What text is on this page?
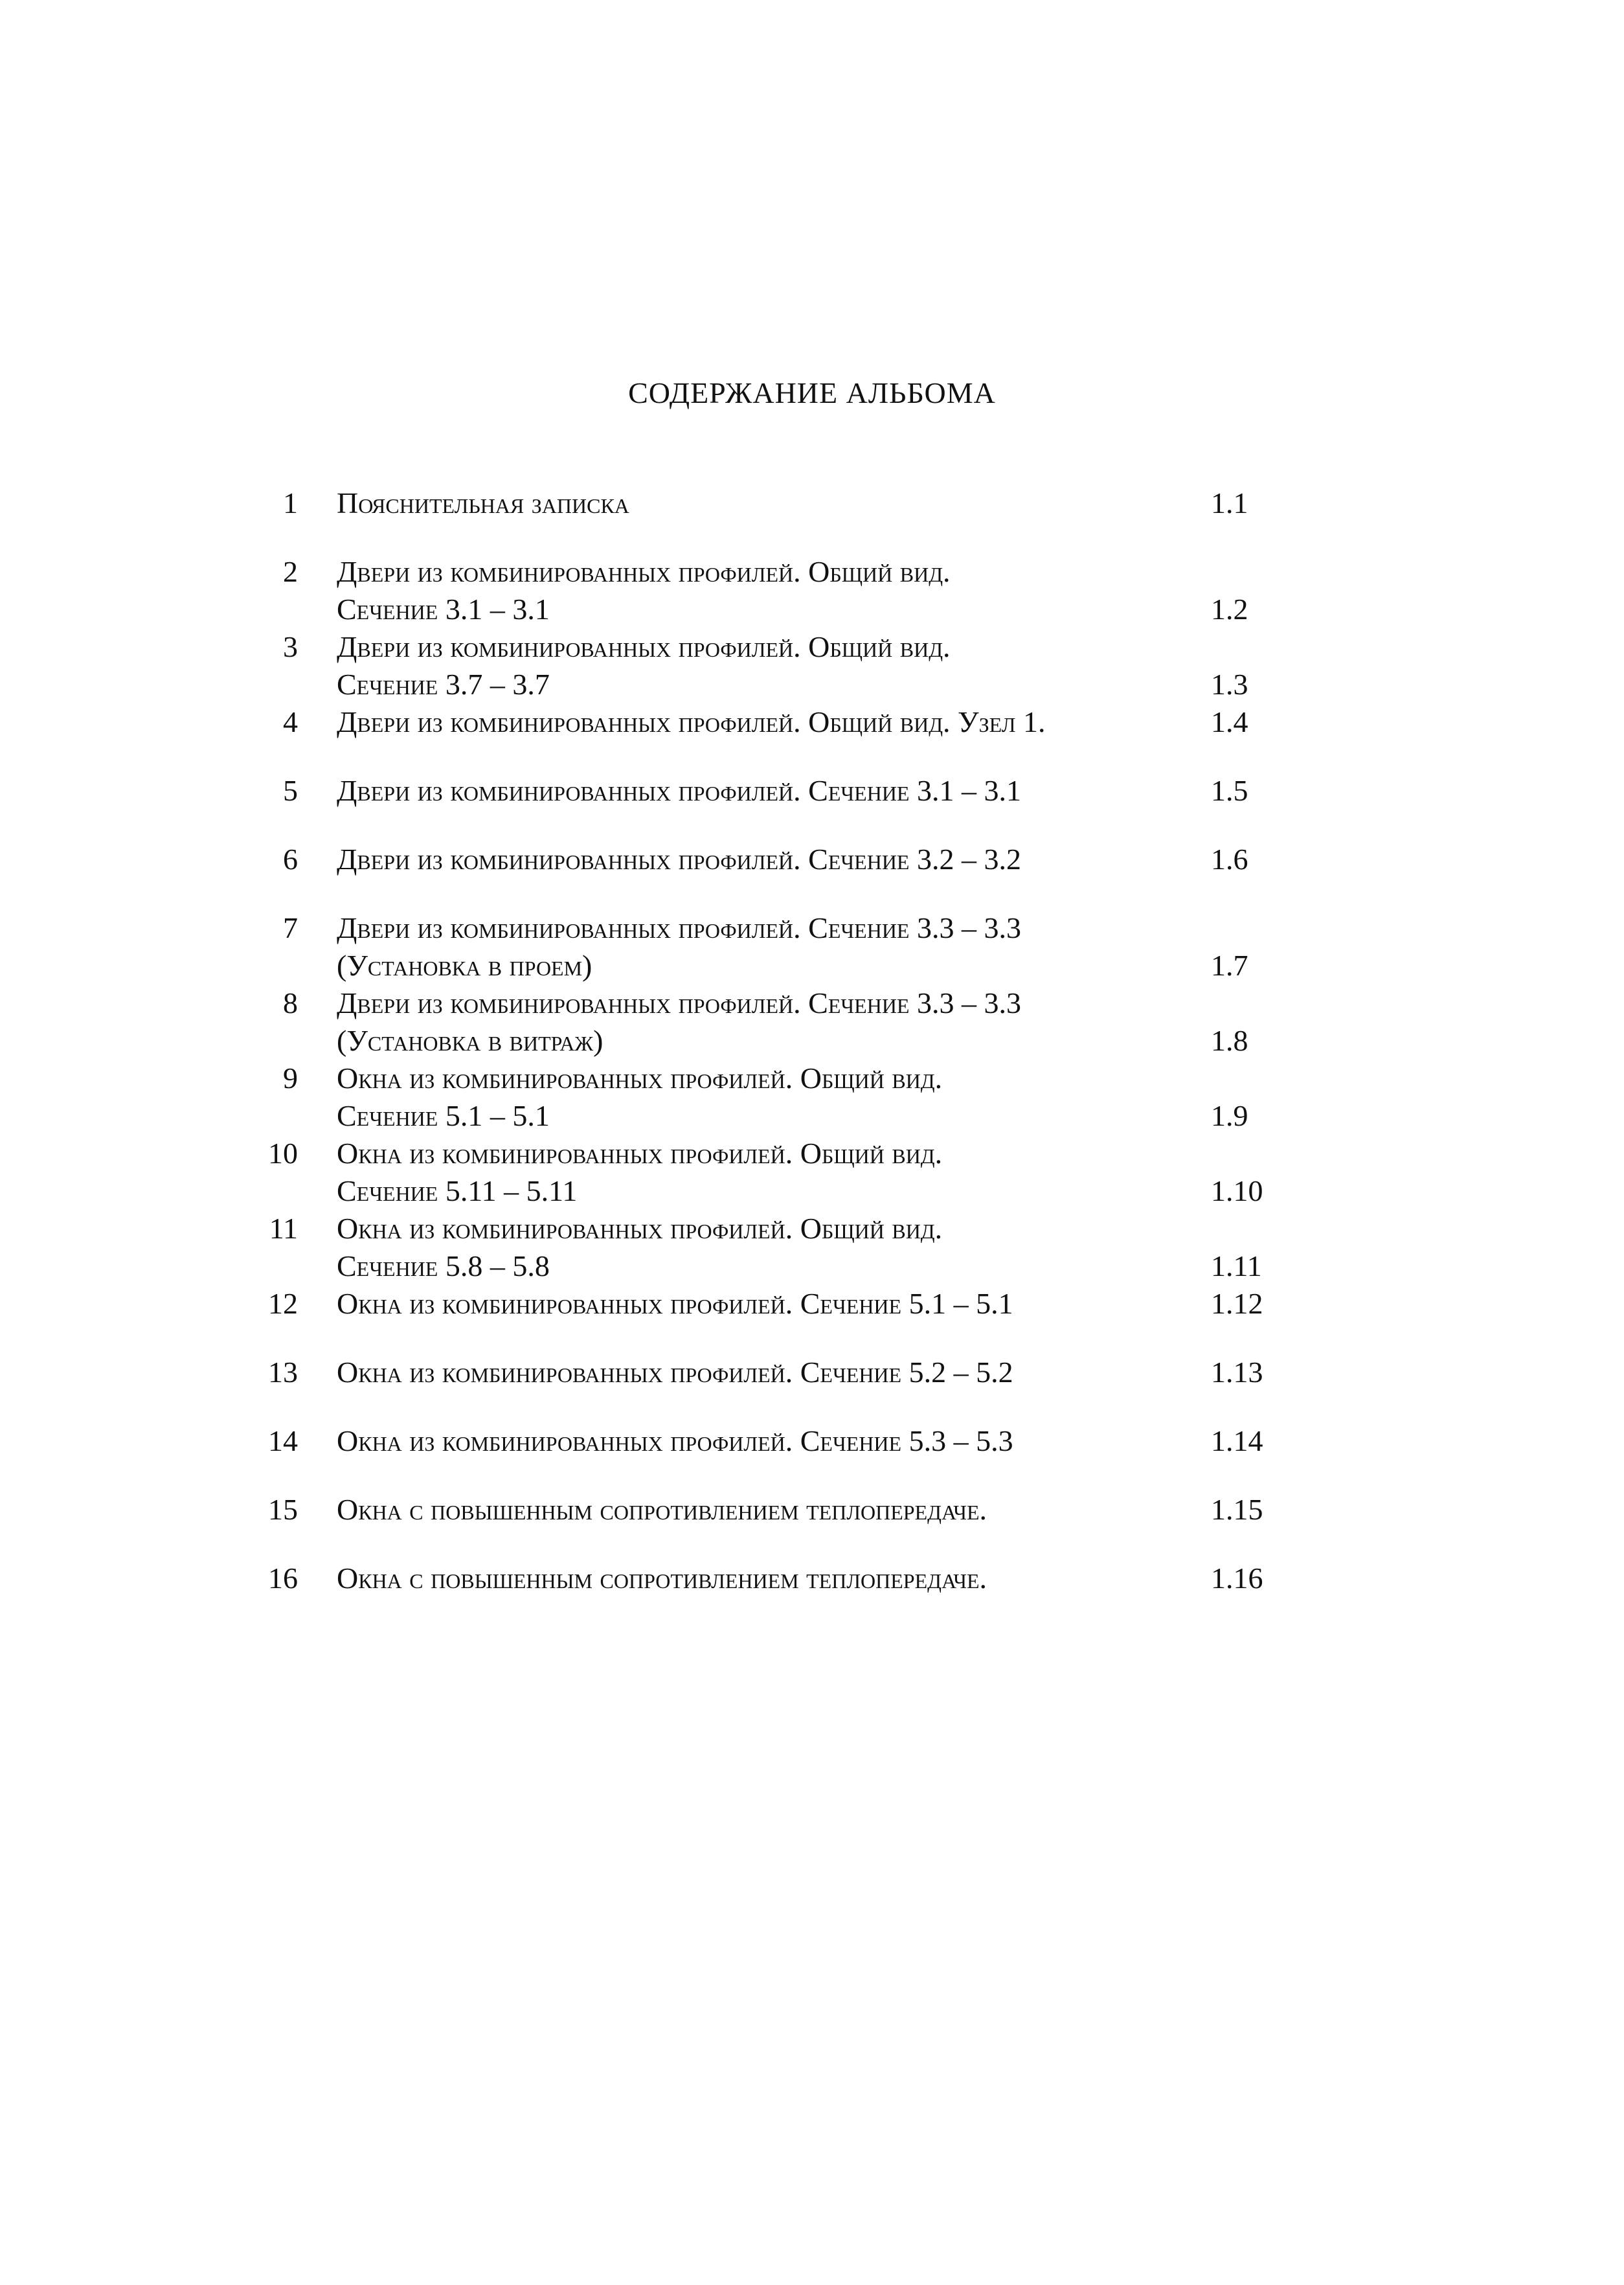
СОДЕРЖАНИЕ АЛЬБОМА
1 Пояснительная записка	1.1
2 Двери из комбинированных профилей. Общий вид.
Сечение 3.1 – 3.1	1.2
3 Двери из комбинированных профилей. Общий вид.
Сечение 3.7 – 3.7	1.3
4 Двери из комбинированных профилей. Общий вид. Узел 1.	1.4
5 Двери из комбинированных профилей. Сечение 3.1 – 3.1	1.5
6 Двери из комбинированных профилей. Сечение 3.2 – 3.2	1.6
7 Двери из комбинированных профилей. Сечение 3.3 – 3.3
(Установка в проем)	1.7
8 Двери из комбинированных профилей. Сечение 3.3 – 3.3
(Установка в витраж)	1.8
9 Окна из комбинированных профилей. Общий вид.
Сечение 5.1 – 5.1	1.9
10 Окна из комбинированных профилей. Общий вид.
Сечение 5.11 – 5.11	1.10
11 Окна из комбинированных профилей. Общий вид.
Сечение 5.8 – 5.8	1.11
12 Окна из комбинированных профилей. Сечение 5.1 – 5.1	1.12
13 Окна из комбинированных профилей. Сечение 5.2 – 5.2	1.13
14 Окна из комбинированных профилей. Сечение 5.3 – 5.3	1.14
15 Окна с повышенным сопротивлением теплопередаче.	1.15
16 Окна с повышенным сопротивлением теплопередаче.	1.16
